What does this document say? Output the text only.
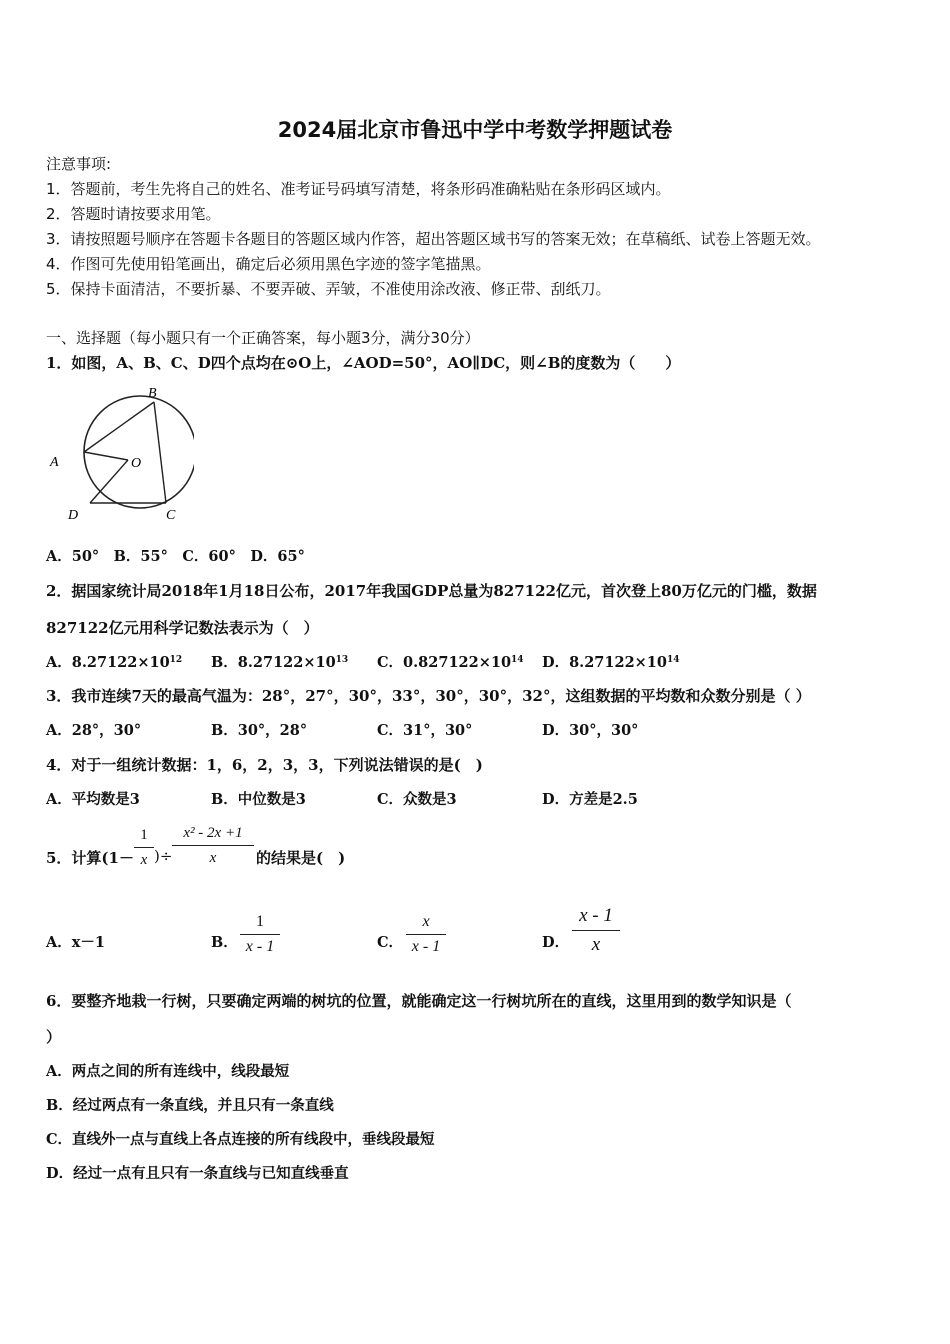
2024届北京市鲁迅中学中考数学押题试卷
注意事项:
1．答题前，考生先将自己的姓名、准考证号码填写清楚，将条形码准确粘贴在条形码区域内。
2．答题时请按要求用笔。
3．请按照题号顺序在答题卡各题目的答题区域内作答，超出答题区域书写的答案无效；在草稿纸、试卷上答题无效。
4．作图可先使用铅笔画出，确定后必须用黑色字迹的签字笔描黑。
5．保持卡面清洁，不要折暴、不要弄破、弄皱，不准使用涂改液、修正带、刮纸刀。
一、选择题（每小题只有一个正确答案，每小题3分，满分30分）
1．如图，A、B、C、D四个点均在⊙O上，∠AOD=50°，AO∥DC，则∠B的度数为（　　）
B
A	O
D	C
A．50°　B．55°　C．60°　D．65°
2．据国家统计局2018年1月18日公布，2017年我国GDP总量为827122亿元，首次登上80万亿元的门槛，数据
827122亿元用科学记数法表示为（　）
A．$8.27122\times 10^{12}$ B．$8.27122\times 10^{13}$ C．$0.827122\times 10^{14}$ D．$8.27122\times 10^{14}$
3．我市连续7天的最高气温为：28°，27°，30°，33°，30°，30°，32°，这组数据的平均数和众数分别是（ ）
A．28°，30°	B．30°，28°	C．31°，30°	D．30°，30°
4．对于一组统计数据：1，6，2，3，3，下列说法错误的是(　)
A．平均数是3	B．中位数是3	C．众数是3	D．方差是2.5
5．计算(1－
1
x )÷
x² - 2x +1
x	的结果是(　)
A．x－1	B．
1
x - 1	C．
x
x - 1	D．
x - 1
x
6．要整齐地栽一行树，只要确定两端的树坑的位置，就能确定这一行树坑所在的直线，这里用到的数学知识是（
）
A．两点之间的所有连线中，线段最短
B．经过两点有一条直线，并且只有一条直线
C．直线外一点与直线上各点连接的所有线段中，垂线段最短
D．经过一点有且只有一条直线与已知直线垂直
